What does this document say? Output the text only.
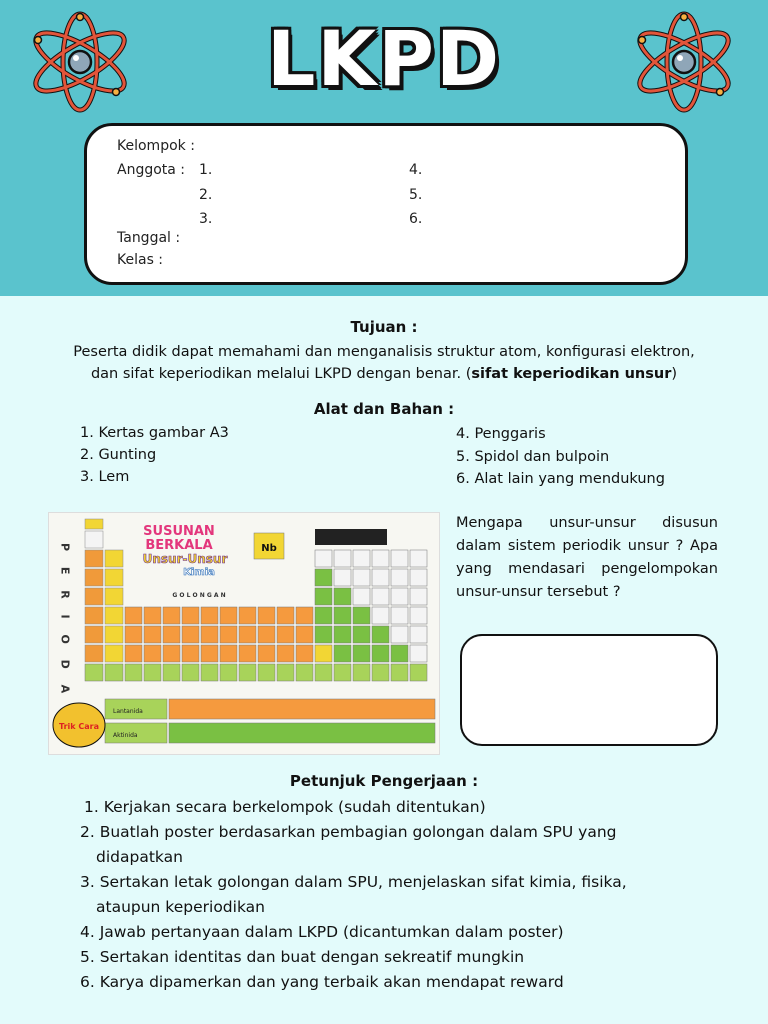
LKPD
Kelompok :
Anggota : 1.
2.
3.
4.
5.
6.
Tanggal :
Kelas :
Tujuan :
Peserta didik dapat memahami dan menganalisis struktur atom, konfigurasi elektron,
dan sifat keperiodikan melalui LKPD dengan benar. (sifat keperiodikan unsur)
Alat dan Bahan :
1. Kertas gambar A3
2. Gunting
3. Lem
4. Penggaris
5. Spidol dan bulpoin
6. Alat lain yang mendukung
SUSUNAN
BERKALA
Unsur-Unsur
Kimia
Nb
G O L O N G A N
P E R I O D A
Lantanida
Aktinida
Trik Cara
Mengapa unsur-unsur disusun dalam sistem periodik unsur ? Apa yang mendasari pengelompokan unsur-unsur tersebut ?
Petunjuk Pengerjaan :
1. Kerjakan secara berkelompok (sudah ditentukan)
2. Buatlah poster berdasarkan pembagian golongan dalam SPU yang
didapatkan
3. Sertakan letak golongan dalam SPU, menjelaskan sifat kimia, fisika,
ataupun keperiodikan
4. Jawab pertanyaan dalam LKPD (dicantumkan dalam poster)
5. Sertakan identitas dan buat dengan sekreatif mungkin
6. Karya dipamerkan dan yang terbaik akan mendapat reward
